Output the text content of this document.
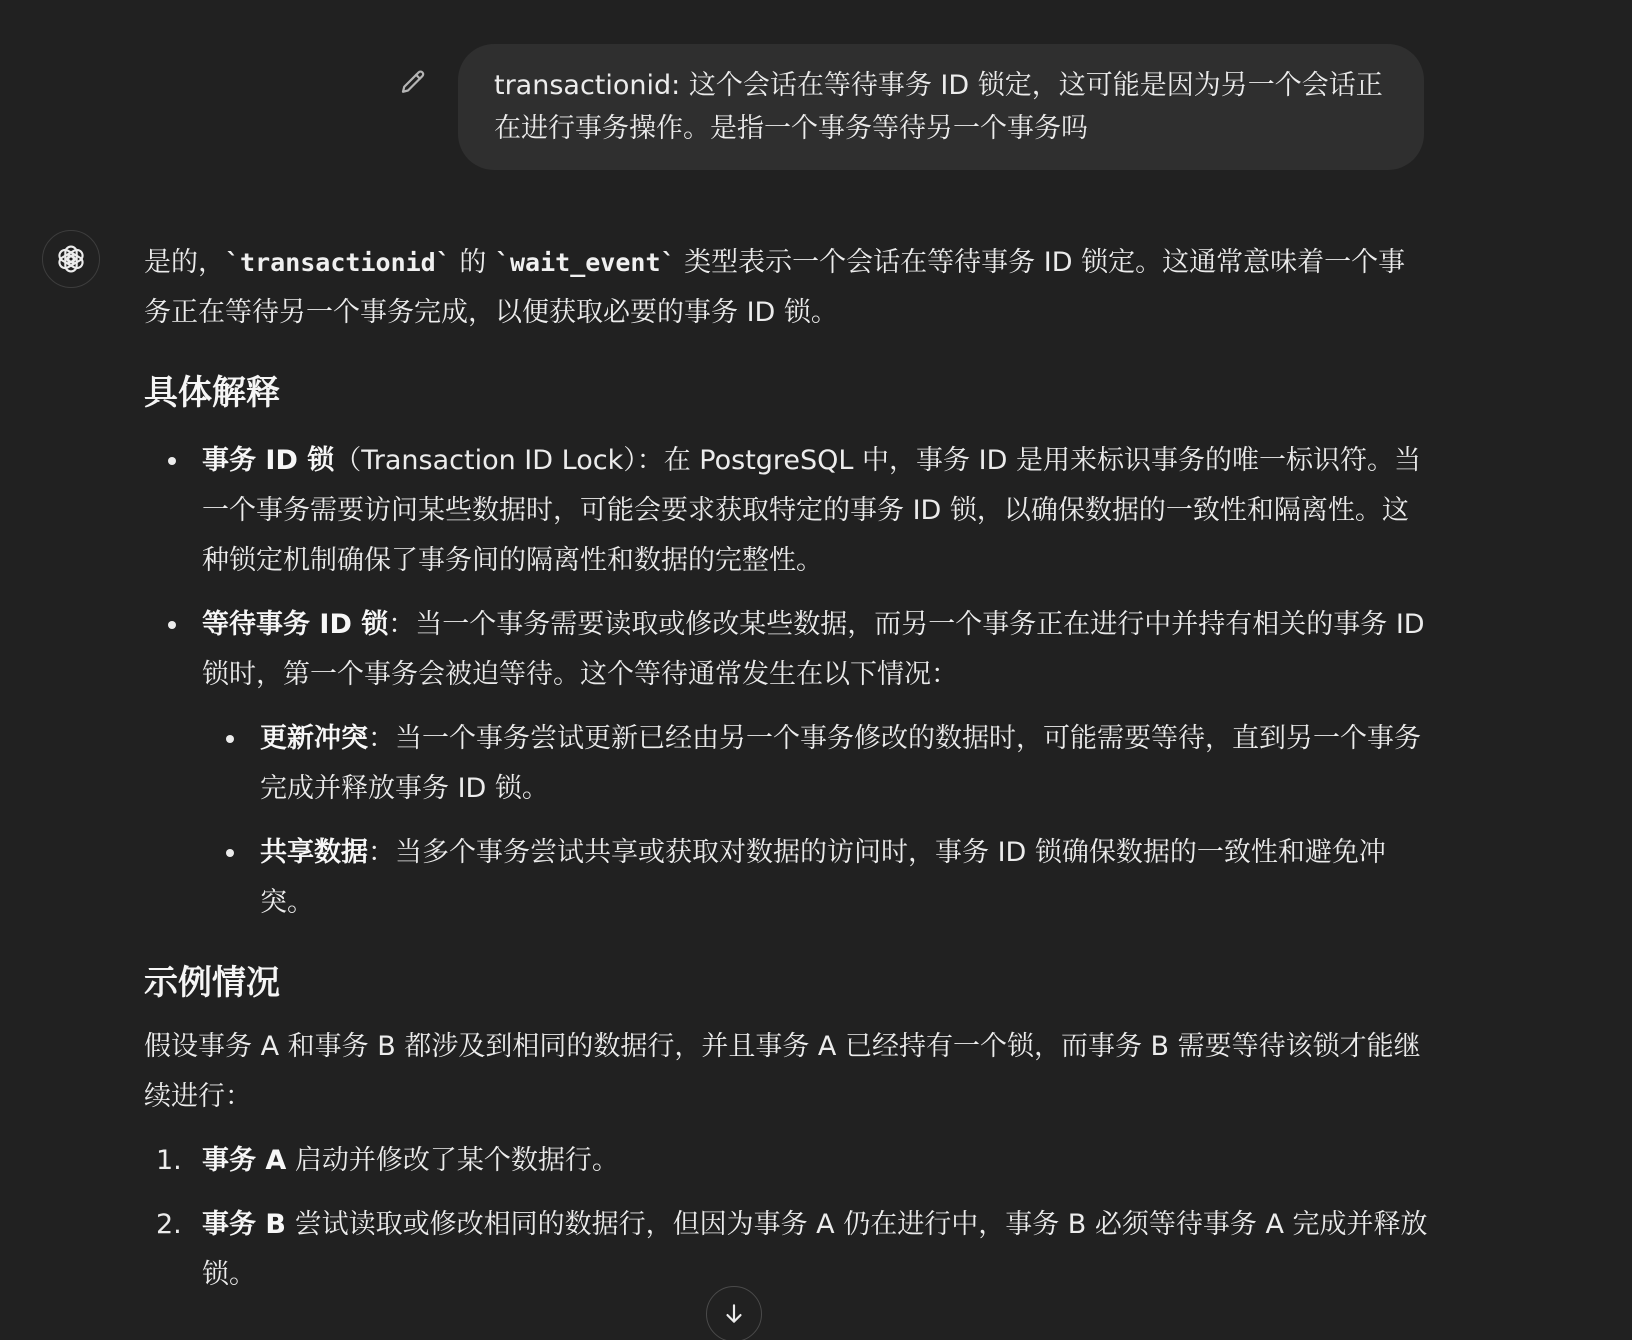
transactionid: 这个会话在等待事务 ID 锁定，这可能是因为另一个会话正在进行事务操作。是指一个事务等待另一个事务吗

是的，`transactionid` 的 `wait_event` 类型表示一个会话在等待事务 ID 锁定。这通常意味着一个事务正在等待另一个事务完成，以便获取必要的事务 ID 锁。

具体解释
事务 ID 锁（Transaction ID Lock）：在 PostgreSQL 中，事务 ID 是用来标识事务的唯一标识符。当一个事务需要访问某些数据时，可能会要求获取特定的事务 ID 锁，以确保数据的一致性和隔离性。这种锁定机制确保了事务间的隔离性和数据的完整性。
等待事务 ID 锁：当一个事务需要读取或修改某些数据，而另一个事务正在进行中并持有相关的事务 ID 锁时，第一个事务会被迫等待。这个等待通常发生在以下情况：
更新冲突：当一个事务尝试更新已经由另一个事务修改的数据时，可能需要等待，直到另一个事务完成并释放事务 ID 锁。
共享数据：当多个事务尝试共享或获取对数据的访问时，事务 ID 锁确保数据的一致性和避免冲突。
示例情况

假设事务 A 和事务 B 都涉及到相同的数据行，并且事务 A 已经持有一个锁，而事务 B 需要等待该锁才能继续进行：

1. 事务 A 启动并修改了某个数据行。
2. 事务 B 尝试读取或修改相同的数据行，但因为事务 A 仍在进行中，事务 B 必须等待事务 A 完成并释放锁。
